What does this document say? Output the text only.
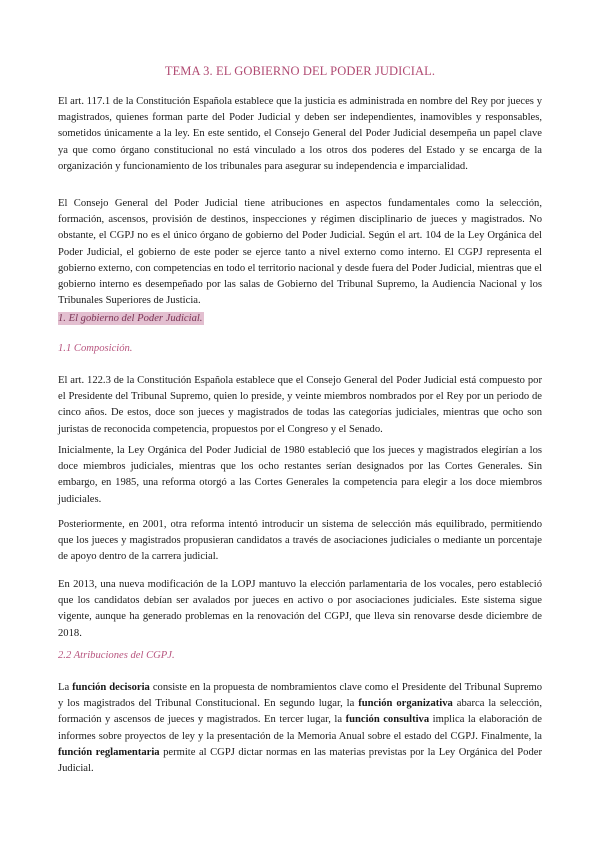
TEMA 3. EL GOBIERNO DEL PODER JUDICIAL.

El art. 117.1 de la Constitución Española establece que la justicia es administrada en nombre del Rey por jueces y magistrados, quienes forman parte del Poder Judicial y deben ser independientes, inamovibles y responsables, sometidos únicamente a la ley. En este sentido, el Consejo General del Poder Judicial desempeña un papel clave ya que como órgano constitucional no está vinculado a los otros dos poderes del Estado y se encarga de la organización y funcionamiento de los tribunales para asegurar su independencia e imparcialidad.

El Consejo General del Poder Judicial tiene atribuciones en aspectos fundamentales como la selección, formación, ascensos, provisión de destinos, inspecciones y régimen disciplinario de jueces y magistrados. No obstante, el CGPJ no es el único órgano de gobierno del Poder Judicial. Según el art. 104 de la Ley Orgánica del Poder Judicial, el gobierno de este poder se ejerce tanto a nivel externo como interno. El CGPJ representa el gobierno externo, con competencias en todo el territorio nacional y desde fuera del Poder Judicial, mientras que el gobierno interno es desempeñado por las salas de Gobierno del Tribunal Supremo, la Audiencia Nacional y los Tribunales Superiores de Justicia.

1. El gobierno del Poder Judicial.
1.1 Composición.

El art. 122.3 de la Constitución Española establece que el Consejo General del Poder Judicial está compuesto por el Presidente del Tribunal Supremo, quien lo preside, y veinte miembros nombrados por el Rey por un periodo de cinco años. De estos, doce son jueces y magistrados de todas las categorías judiciales, mientras que ocho son juristas de reconocida competencia, propuestos por el Congreso y el Senado.

Inicialmente, la Ley Orgánica del Poder Judicial de 1980 estableció que los jueces y magistrados elegirían a los doce miembros judiciales, mientras que los ocho restantes serían designados por las Cortes Generales. Sin embargo, en 1985, una reforma otorgó a las Cortes Generales la competencia para elegir a los doce miembros judiciales.

Posteriormente, en 2001, otra reforma intentó introducir un sistema de selección más equilibrado, permitiendo que los jueces y magistrados propusieran candidatos a través de asociaciones judiciales o mediante un porcentaje de apoyo dentro de la carrera judicial.

En 2013, una nueva modificación de la LOPJ mantuvo la elección parlamentaria de los vocales, pero estableció que los candidatos debían ser avalados por jueces en activo o por asociaciones judiciales. Este sistema sigue vigente, aunque ha generado problemas en la renovación del CGPJ, que lleva sin renovarse desde diciembre de 2018.

2.2 Atribuciones del CGPJ.

La función decisoria consiste en la propuesta de nombramientos clave como el Presidente del Tribunal Supremo y los magistrados del Tribunal Constitucional. En segundo lugar, la función organizativa abarca la selección, formación y ascensos de jueces y magistrados. En tercer lugar, la función consultiva implica la elaboración de informes sobre proyectos de ley y la presentación de la Memoria Anual sobre el estado del CGPJ. Finalmente, la función reglamentaria permite al CGPJ dictar normas en las materias previstas por la Ley Orgánica del Poder Judicial.
